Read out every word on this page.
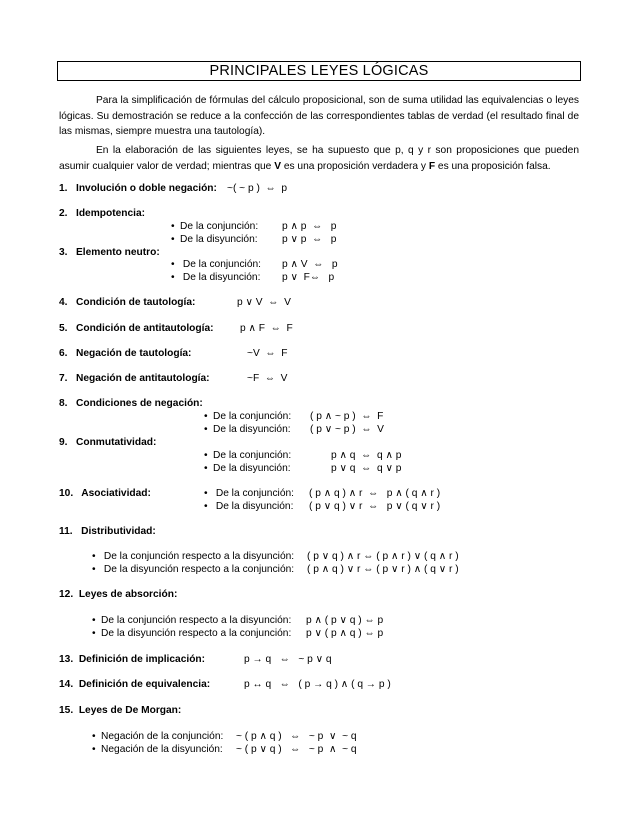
PRINCIPALES LEYES LÓGICAS

Para la simplificación de fórmulas del cálculo proposicional, son de suma utilidad las equivalencias o leyes lógicas. Su demostración se reduce a la confección de las correspondientes tablas de verdad (el resultado final de las mismas, siempre muestra una tautología).

En la elaboración de las siguientes leyes, se ha supuesto que p, q y r son proposiciones que pueden asumir cualquier valor de verdad; mientras que V es una proposición verdadera y F es una proposición falsa.

1.   Involución o doble negación: ~( ~ p )  ⇔  p
2.   Idempotencia:
• De la conjunción: p ∧ p  ⇔   p
• De la disyunción: p ∨ p  ⇔   p
3.   Elemento neutro:
•  De la conjunción: p ∧ V  ⇔   p
•  De la disyunción: p ∨  F⇔   p
4.   Condición de tautología:	p ∨ V  ⇔  V
5.   Condición de antitautología:	p ∧ F  ⇔  F
6.   Negación de tautología:	~V  ⇔  F
7.   Negación de antitautología:	~F  ⇔  V
8.   Condiciones de negación:
• De la conjunción: ( p ∧ ~ p )  ⇔  F
• De la disyunción: ( p ∨ ~ p )  ⇔  V
9.   Conmutatividad:
• De la conjunción:	p ∧ q  ⇔  q ∧ p
• De la disyunción:	p ∨ q  ⇔  q ∨ p
10.   Asociatividad:
•	De la conjunción: ( p ∧ q ) ∧ r  ⇔   p ∧ ( q ∧ r )
•  De la disyunción: ( p ∨ q ) ∨ r  ⇔   p ∨ ( q ∨ r )
11.   Distributividad:
•  De la conjunción respecto a la disyunción: ( p ∨ q ) ∧ r ⇔ ( p ∧ r ) ∨ ( q ∧ r )
•  De la disyunción respecto a la conjunción: ( p ∧ q ) ∨ r ⇔ ( p ∨ r ) ∧ ( q ∨ r )
12.  Leyes de absorción:
• De la conjunción respecto a la disyunción: p ∧ ( p ∨ q ) ⇔ p
• De la disyunción respecto a la conjunción: p ∨ ( p ∧ q ) ⇔ p
13.  Definición de implicación:	p → q   ⇔   ~ p ∨ q
14.  Definición de equivalencia:	p ↔ q   ⇔   ( p → q ) ∧ ( q → p )
15.  Leyes de De Morgan:
• Negación de la conjunción: ~ ( p ∧ q )   ⇔   ~ p  ∨  ~ q
• Negación de la disyunción: ~ ( p ∨ q )   ⇔   ~ p  ∧  ~ q
